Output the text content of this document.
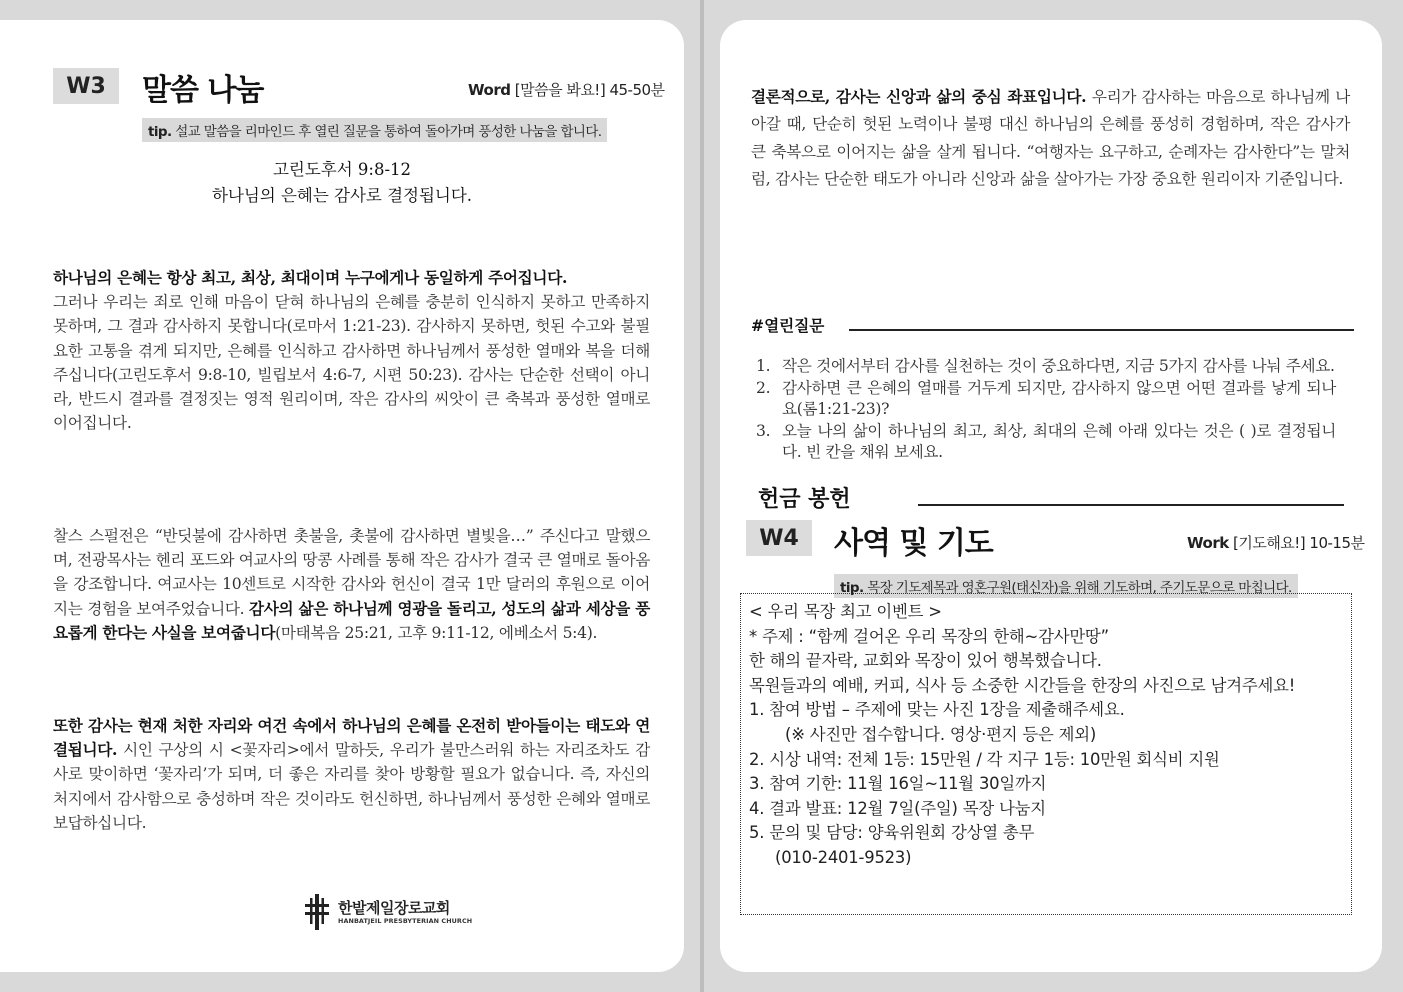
W3	말씀 나눔	Word [말씀을 봐요!] 45-50분
tip. 설교 말씀을 리마인드 후 열린 질문을 통하여 돌아가며 풍성한 나눔을 합니다.
고린도후서 9:8-12
하나님의 은혜는 감사로 결정됩니다.
하나님의 은혜는 항상 최고, 최상, 최대이며 누구에게나 동일하게 주어집니다.
그러나 우리는 죄로 인해 마음이 닫혀 하나님의 은혜를 충분히 인식하지 못하고 만족하지 못하며, 그 결과 감사하지 못합니다(로마서 1:21-23). 감사하지 못하면, 헛된 수고와 불필요한 고통을 겪게 되지만, 은혜를 인식하고 감사하면 하나님께서 풍성한 열매와 복을 더해 주십니다(고린도후서 9:8-10, 빌립보서 4:6-7, 시편 50:23). 감사는 단순한 선택이 아니라, 반드시 결과를 결정짓는 영적 원리이며, 작은 감사의 씨앗이 큰 축복과 풍성한 열매로 이어집니다.
찰스 스펄전은 “반딧불에 감사하면 촛불을, 촛불에 감사하면 별빛을…” 주신다고 말했으며, 전광목사는 헨리 포드와 여교사의 땅콩 사례를 통해 작은 감사가 결국 큰 열매로 돌아옴을 강조합니다. 여교사는 10센트로 시작한 감사와 헌신이 결국 1만 달러의 후원으로 이어지는 경험을 보여주었습니다. 감사의 삶은 하나님께 영광을 돌리고, 성도의 삶과 세상을 풍요롭게 한다는 사실을 보여줍니다(마태복음 25:21, 고후 9:11-12, 에베소서 5:4).
또한 감사는 현재 처한 자리와 여건 속에서 하나님의 은혜를 온전히 받아들이는 태도와 연결됩니다. 시인 구상의 시 <꽃자리>에서 말하듯, 우리가 불만스러워 하는 자리조차도 감사로 맞이하면 ‘꽃자리’가 되며, 더 좋은 자리를 찾아 방황할 필요가 없습니다. 즉, 자신의 처지에서 감사함으로 충성하며 작은 것이라도 헌신하면, 하나님께서 풍성한 은혜와 열매로 보답하십니다.
한밭제일장로교회
HANBATJEIL PRESBYTERIAN CHURCH
결론적으로, 감사는 신앙과 삶의 중심 좌표입니다. 우리가 감사하는 마음으로 하나님께 나아갈 때, 단순히 헛된 노력이나 불평 대신 하나님의 은혜를 풍성히 경험하며, 작은 감사가 큰 축복으로 이어지는 삶을 살게 됩니다. “여행자는 요구하고, 순례자는 감사한다”는 말처럼, 감사는 단순한 태도가 아니라 신앙과 삶을 살아가는 가장 중요한 원리이자 기준입니다.
#열린질문
1. 작은 것에서부터 감사를 실천하는 것이 중요하다면, 지금 5가지 감사를 나눠 주세요.
2. 감사하면 큰 은혜의 열매를 거두게 되지만, 감사하지 않으면 어떤 결과를 낳게 되나요(롬1:21-23)?
3. 오늘 나의 삶이 하나님의 최고, 최상, 최대의 은혜 아래 있다는 것은 ( )로 결정됩니다. 빈 칸을 채워 보세요.
헌금 봉헌
W4	사역 및 기도	Work [기도해요!] 10-15분
tip. 목장 기도제목과 영혼구원(태신자)을 위해 기도하며, 주기도문으로 마칩니다.
< 우리 목장 최고 이벤트 >
* 주제 : “함께 걸어온 우리 목장의 한해~감사만땅”
한 해의 끝자락, 교회와 목장이 있어 행복했습니다.
목원들과의 예배, 커피, 식사 등 소중한 시간들을 한장의 사진으로 남겨주세요!
1. 참여 방법 – 주제에 맞는 사진 1장을 제출해주세요.
(※ 사진만 접수합니다. 영상·편지 등은 제외)
2. 시상 내역: 전체 1등: 15만원 / 각 지구 1등: 10만원 회식비 지원
3. 참여 기한: 11월 16일~11월 30일까지
4. 결과 발표: 12월 7일(주일) 목장 나눔지
5. 문의 및 담당: 양육위원회 강상열 총무
(010-2401-9523)
